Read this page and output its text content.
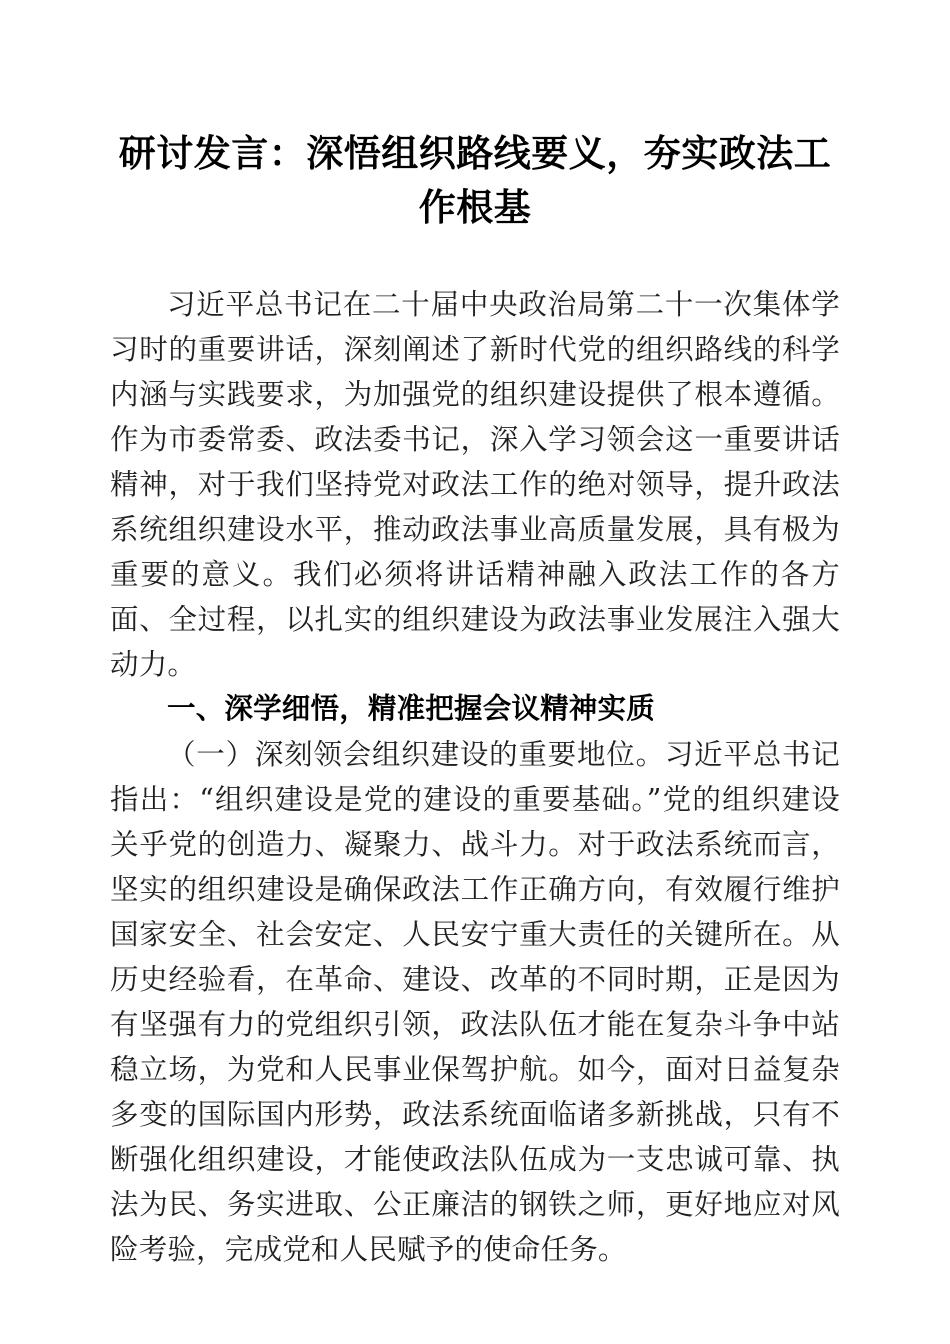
研讨发言：深悟组织路线要义，夯实政法工作根基

习近平总书记在二十届中央政治局第二十一次集体学习时的重要讲话，深刻阐述了新时代党的组织路线的科学内涵与实践要求，为加强党的组织建设提供了根本遵循。作为市委常委、政法委书记，深入学习领会这一重要讲话精神，对于我们坚持党对政法工作的绝对领导，提升政法系统组织建设水平，推动政法事业高质量发展，具有极为重要的意义。我们必须将讲话精神融入政法工作的各方面、全过程，以扎实的组织建设为政法事业发展注入强大动力。

一、深学细悟，精准把握会议精神实质

（一）深刻领会组织建设的重要地位。习近平总书记指出：“组织建设是党的建设的重要基础。”党的组织建设关乎党的创造力、凝聚力、战斗力。对于政法系统而言，坚实的组织建设是确保政法工作正确方向，有效履行维护国家安全、社会安定、人民安宁重大责任的关键所在。从历史经验看，在革命、建设、改革的不同时期，正是因为有坚强有力的党组织引领，政法队伍才能在复杂斗争中站稳立场，为党和人民事业保驾护航。如今，面对日益复杂多变的国际国内形势，政法系统面临诸多新挑战，只有不断强化组织建设，才能使政法队伍成为一支忠诚可靠、执法为民、务实进取、公正廉洁的钢铁之师，更好地应对风险考验，完成党和人民赋予的使命任务。
